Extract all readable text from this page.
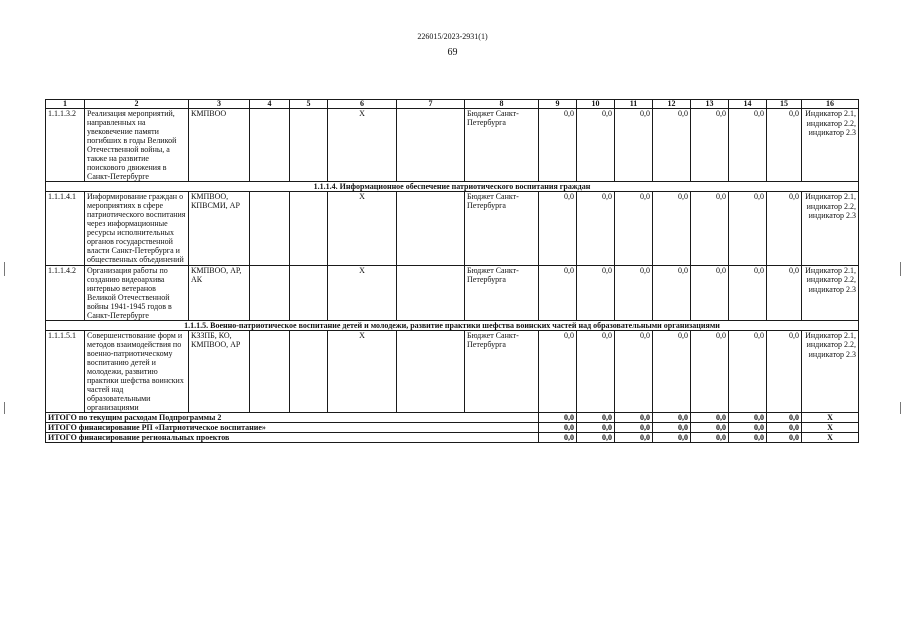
226015/2023-2931(1)
69
1	2	3	4	5	6	7	8	9	10	11	12	13	14	15	16
1.1.1.3.2	Реализация мероприятий, направленных на увековечение памяти погибших в годы Великой Отечественной войны, а также на развитие поискового движения в Санкт-Петербурге	КМПВОО			Х		Бюджет Санкт-Петербурга	0,0	0,0	0,0	0,0	0,0	0,0	0,0	Индикатор 2.1, индикатор 2.2, индикатор 2.3
1.1.1.4. Информационное обеспечение патриотического воспитания граждан															
1.1.1.4.1	Информирование граждан о мероприятиях в сфере патриотического воспитания через информационные ресурсы исполнительных органов государственной власти Санкт-Петербурга и общественных объединений	КМПВОО, КПВСМИ, АР			Х		Бюджет Санкт-Петербурга	0,0	0,0	0,0	0,0	0,0	0,0	0,0	Индикатор 2.1, индикатор 2.2, индикатор 2.3
1.1.1.4.2	Организация работы по созданию видеоархива интервью ветеранов Великой Отечественной войны 1941-1945 годов в Санкт-Петербурге	КМПВОО, АР, АК			Х		Бюджет Санкт-Петербурга	0,0	0,0	0,0	0,0	0,0	0,0	0,0	Индикатор 2.1, индикатор 2.2, индикатор 2.3
1.1.1.5. Военно-патриотическое воспитание детей и молодежи, развитие практики шефства воинских частей над образовательными организациями															
1.1.1.5.1	Совершенствование форм и методов взаимодействия по военно-патриотическому воспитанию детей и молодежи, развитию практики шефства воинских частей над образовательными организациями	КЗЗПБ, КО, КМПВОО, АР			Х		Бюджет Санкт-Петербурга	0,0	0,0	0,0	0,0	0,0	0,0	0,0	Индикатор 2.1, индикатор 2.2, индикатор 2.3
ИТОГО по текущим расходам Подпрограммы 2								0,0	0,0	0,0	0,0	0,0	0,0	0,0	Х
ИТОГО финансирование РП «Патриотическое воспитание»								0,0	0,0	0,0	0,0	0,0	0,0	0,0	Х
ИТОГО финансирование региональных проектов								0,0	0,0	0,0	0,0	0,0	0,0	0,0	Х
